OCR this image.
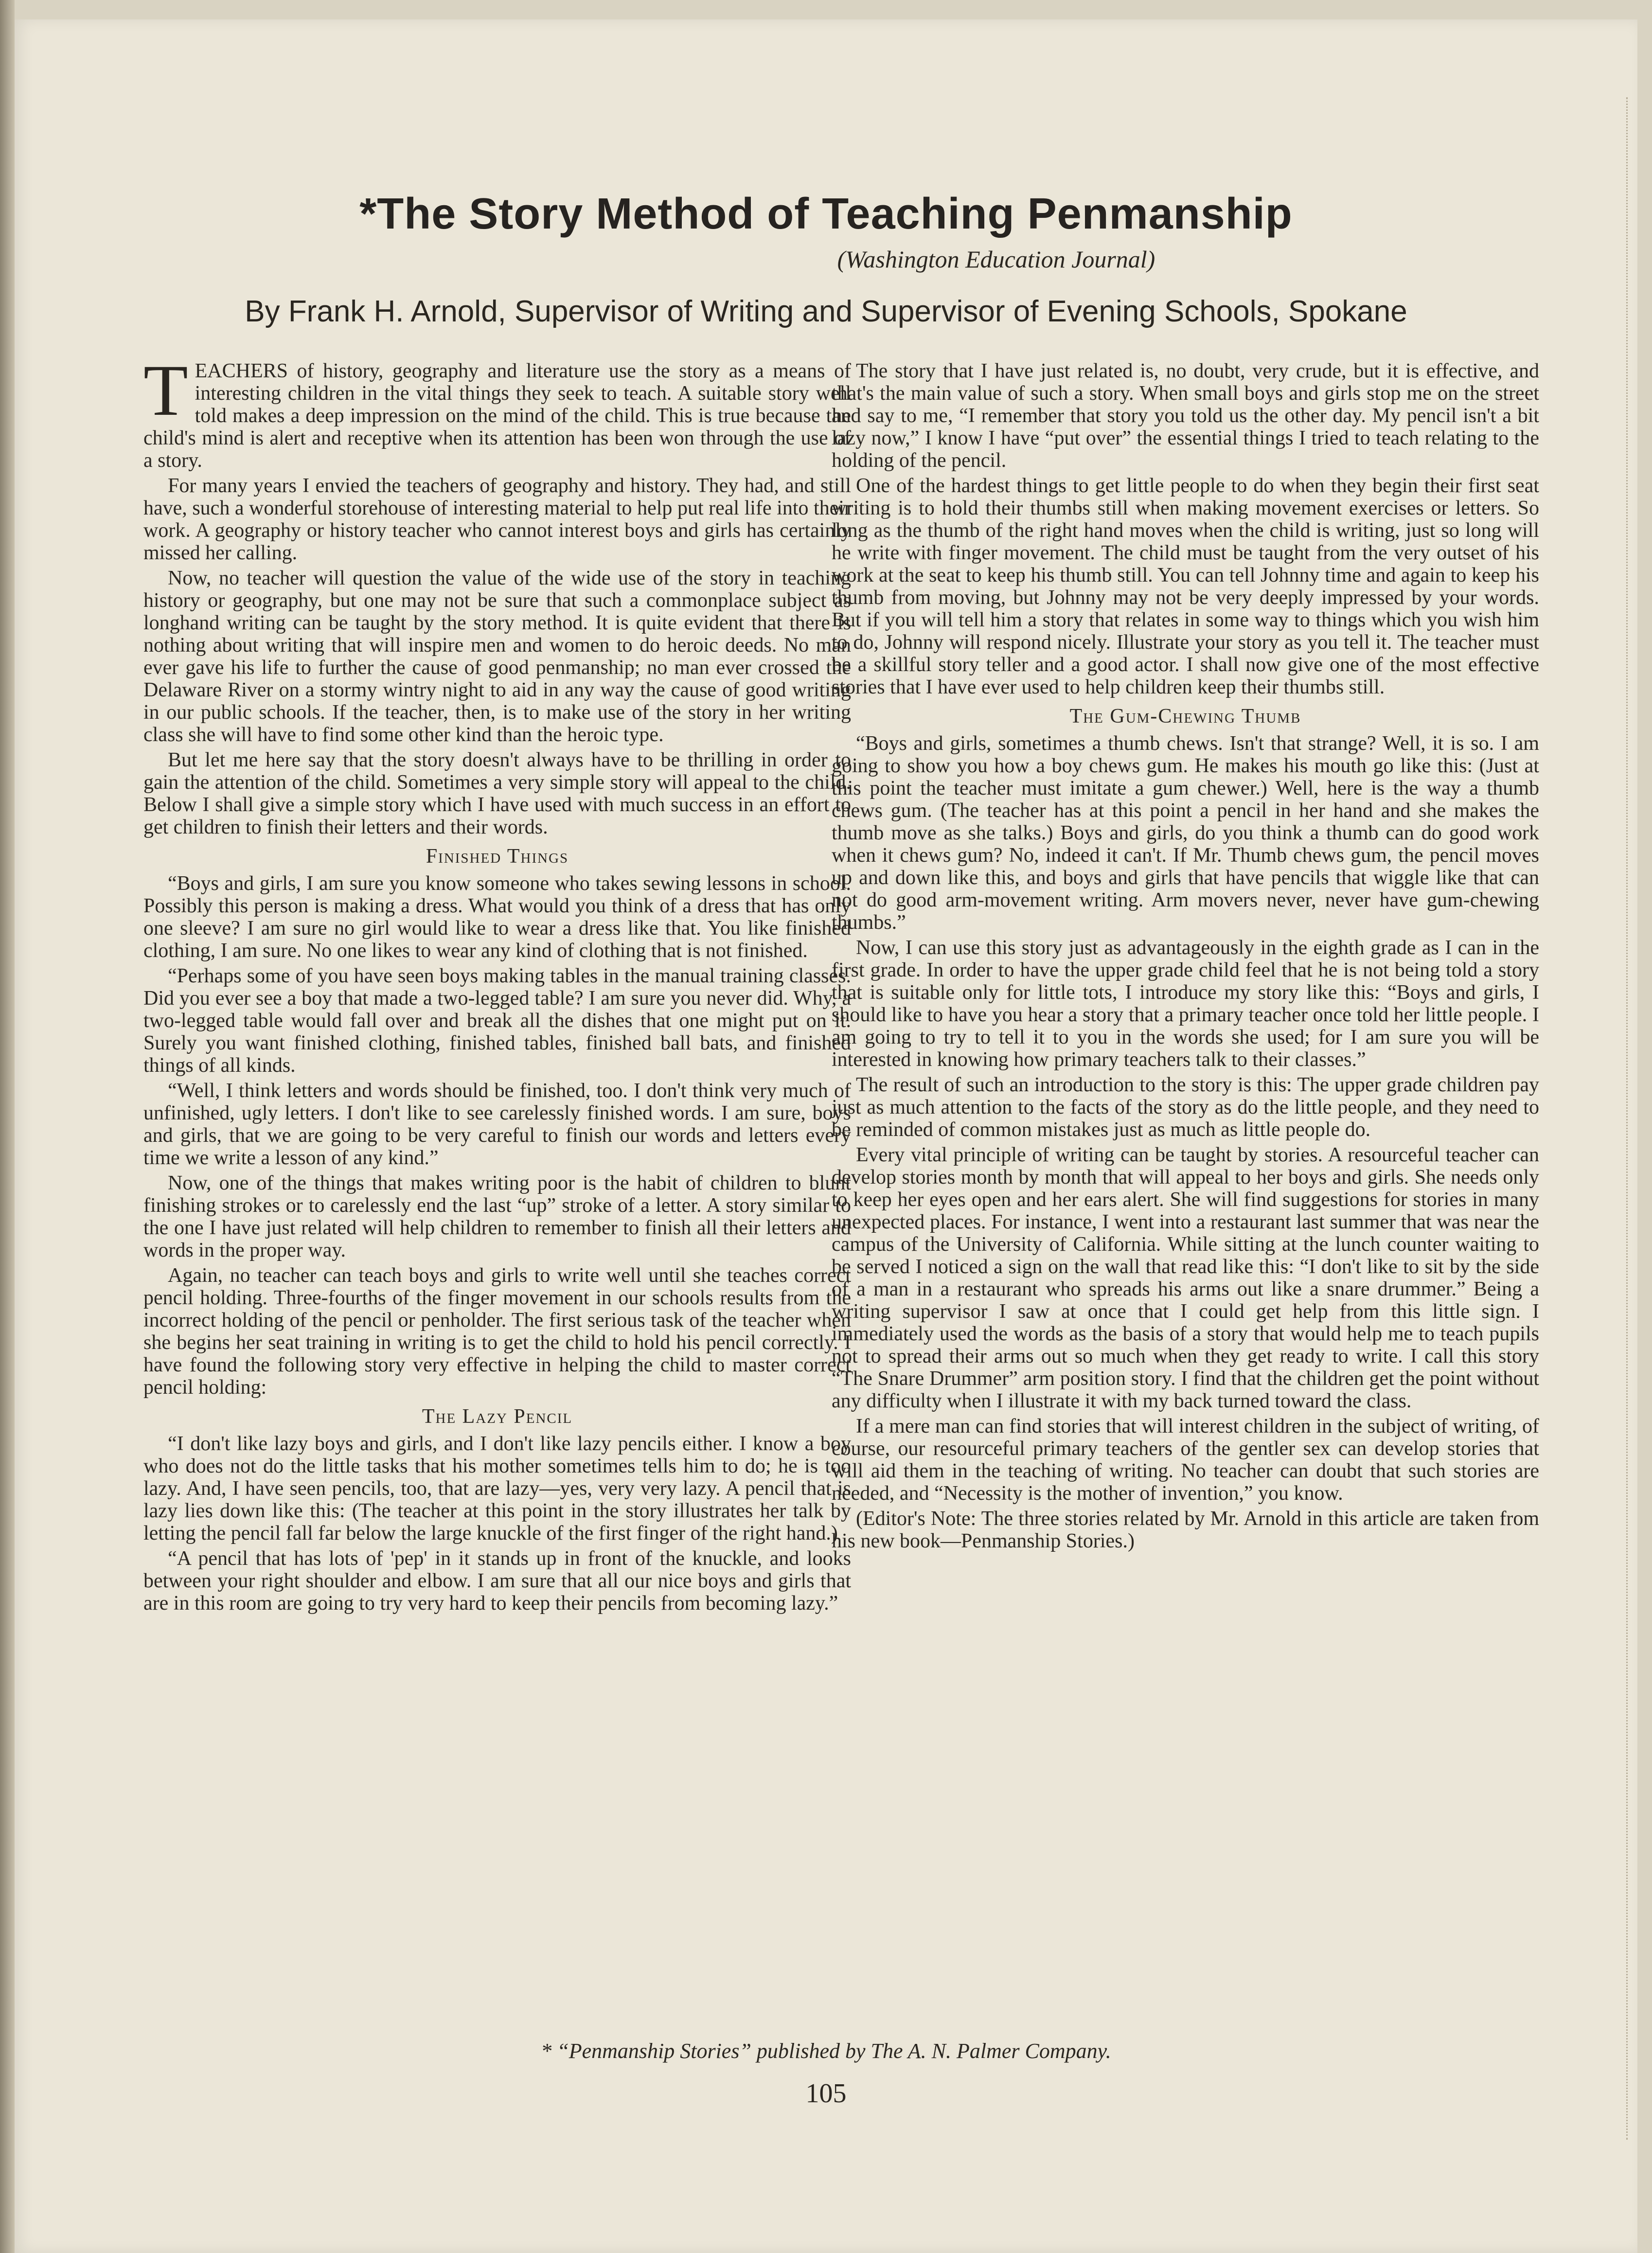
*The Story Method of Teaching Penmanship
(Washington Education Journal)
By Frank H. Arnold, Supervisor of Writing and Supervisor of Evening Schools, Spokane

TEACHERS of history, geography and literature use the story as a means of interesting children in the vital things they seek to teach. A suitable story well told makes a deep impression on the mind of the child. This is true because the child's mind is alert and receptive when its attention has been won through the use of a story.

For many years I envied the teachers of geography and history. They had, and still have, such a wonderful storehouse of interesting material to help put real life into their work. A geography or history teacher who cannot interest boys and girls has certainly missed her calling.

Now, no teacher will question the value of the wide use of the story in teaching history or geography, but one may not be sure that such a commonplace subject as longhand writing can be taught by the story method. It is quite evident that there is nothing about writing that will inspire men and women to do heroic deeds. No man ever gave his life to further the cause of good penmanship; no man ever crossed the Delaware River on a stormy wintry night to aid in any way the cause of good writing in our public schools. If the teacher, then, is to make use of the story in her writing class she will have to find some other kind than the heroic type.

But let me here say that the story doesn't always have to be thrilling in order to gain the attention of the child. Sometimes a very simple story will appeal to the child. Below I shall give a simple story which I have used with much success in an effort to get children to finish their letters and their words.

Finished Things

“Boys and girls, I am sure you know someone who takes sewing lessons in school. Possibly this person is making a dress. What would you think of a dress that has only one sleeve? I am sure no girl would like to wear a dress like that. You like finished clothing, I am sure. No one likes to wear any kind of clothing that is not finished.

“Perhaps some of you have seen boys making tables in the manual training classes. Did you ever see a boy that made a two-legged table? I am sure you never did. Why, a two-legged table would fall over and break all the dishes that one might put on it. Surely you want finished clothing, finished tables, finished ball bats, and finished things of all kinds.

“Well, I think letters and words should be finished, too. I don't think very much of unfinished, ugly letters. I don't like to see carelessly finished words. I am sure, boys and girls, that we are going to be very careful to finish our words and letters every time we write a lesson of any kind.”

Now, one of the things that makes writing poor is the habit of children to blunt finishing strokes or to carelessly end the last “up” stroke of a letter. A story similar to the one I have just related will help children to remember to finish all their letters and words in the proper way.

Again, no teacher can teach boys and girls to write well until she teaches correct pencil holding. Three-fourths of the finger movement in our schools results from the incorrect holding of the pencil or penholder. The first serious task of the teacher when she begins her seat training in writing is to get the child to hold his pencil correctly. I have found the following story very effective in helping the child to master correct pencil holding:

The Lazy Pencil

“I don't like lazy boys and girls, and I don't like lazy pencils either. I know a boy who does not do the little tasks that his mother sometimes tells him to do; he is too lazy. And, I have seen pencils, too, that are lazy—yes, very very lazy. A pencil that is lazy lies down like this: (The teacher at this point in the story illustrates her talk by letting the pencil fall far below the large knuckle of the first finger of the right hand.)

“A pencil that has lots of 'pep' in it stands up in front of the knuckle, and looks between your right shoulder and elbow. I am sure that all our nice boys and girls that are in this room are going to try very hard to keep their pencils from becoming lazy.”

The story that I have just related is, no doubt, very crude, but it is effective, and that's the main value of such a story. When small boys and girls stop me on the street and say to me, “I remember that story you told us the other day. My pencil isn't a bit lazy now,” I know I have “put over” the essential things I tried to teach relating to the holding of the pencil.

One of the hardest things to get little people to do when they begin their first seat writing is to hold their thumbs still when making movement exercises or letters. So long as the thumb of the right hand moves when the child is writing, just so long will he write with finger movement. The child must be taught from the very outset of his work at the seat to keep his thumb still. You can tell Johnny time and again to keep his thumb from moving, but Johnny may not be very deeply impressed by your words. But if you will tell him a story that relates in some way to things which you wish him to do, Johnny will respond nicely. Illustrate your story as you tell it. The teacher must be a skillful story teller and a good actor. I shall now give one of the most effective stories that I have ever used to help children keep their thumbs still.

The Gum-Chewing Thumb

“Boys and girls, sometimes a thumb chews. Isn't that strange? Well, it is so. I am going to show you how a boy chews gum. He makes his mouth go like this: (Just at this point the teacher must imitate a gum chewer.) Well, here is the way a thumb chews gum. (The teacher has at this point a pencil in her hand and she makes the thumb move as she talks.) Boys and girls, do you think a thumb can do good work when it chews gum? No, indeed it can't. If Mr. Thumb chews gum, the pencil moves up and down like this, and boys and girls that have pencils that wiggle like that can not do good arm-movement writing. Arm movers never, never have gum-chewing thumbs.”

Now, I can use this story just as advantageously in the eighth grade as I can in the first grade. In order to have the upper grade child feel that he is not being told a story that is suitable only for little tots, I introduce my story like this: “Boys and girls, I should like to have you hear a story that a primary teacher once told her little people. I am going to try to tell it to you in the words she used; for I am sure you will be interested in knowing how primary teachers talk to their classes.”

The result of such an introduction to the story is this: The upper grade children pay just as much attention to the facts of the story as do the little people, and they need to be reminded of common mistakes just as much as little people do.

Every vital principle of writing can be taught by stories. A resourceful teacher can develop stories month by month that will appeal to her boys and girls. She needs only to keep her eyes open and her ears alert. She will find suggestions for stories in many unexpected places. For instance, I went into a restaurant last summer that was near the campus of the University of California. While sitting at the lunch counter waiting to be served I noticed a sign on the wall that read like this: “I don't like to sit by the side of a man in a restaurant who spreads his arms out like a snare drummer.” Being a writing supervisor I saw at once that I could get help from this little sign. I immediately used the words as the basis of a story that would help me to teach pupils not to spread their arms out so much when they get ready to write. I call this story “The Snare Drummer” arm position story. I find that the children get the point without any difficulty when I illustrate it with my back turned toward the class.

If a mere man can find stories that will interest children in the subject of writing, of course, our resourceful primary teachers of the gentler sex can develop stories that will aid them in the teaching of writing. No teacher can doubt that such stories are needed, and “Necessity is the mother of invention,” you know.

(Editor's Note: The three stories related by Mr. Arnold in this article are taken from his new book—Penmanship Stories.)

* “Penmanship Stories” published by The A. N. Palmer Company.
105
